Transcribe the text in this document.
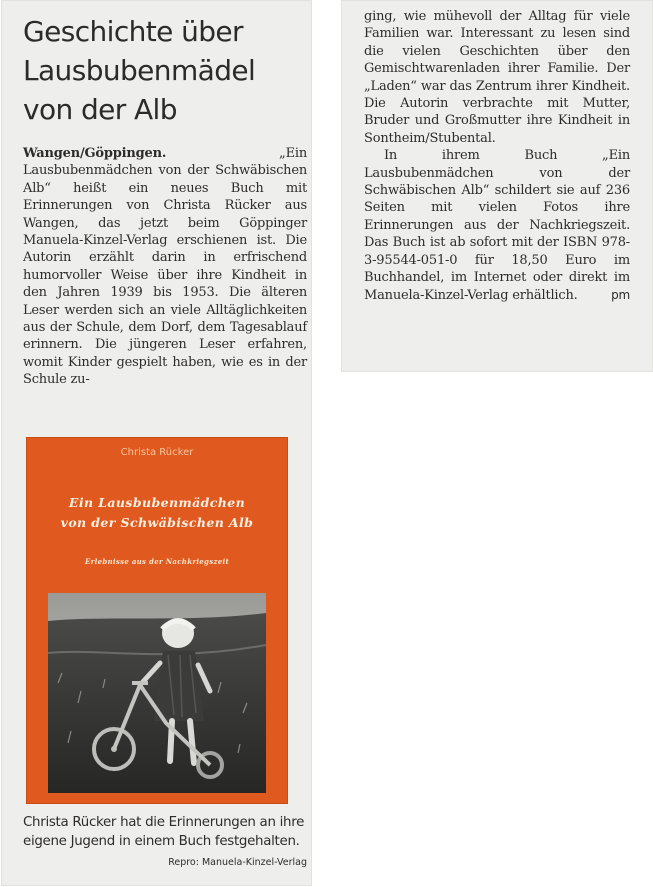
Geschichte über Lausbubenmädel von der Alb
Wangen/Göppingen.	„Ein Lausbubenmädchen von der Schwäbischen Alb“ heißt ein neues Buch mit Erinnerungen von Christa Rücker aus Wangen, das jetzt beim Göppinger Manuela-Kinzel-Verlag erschienen ist. Die Autorin erzählt darin in erfrischend humorvoller Weise über ihre Kindheit in den Jahren 1939 bis 1953. Die älteren Leser werden sich an viele Alltäglichkeiten aus der Schule, dem Dorf, dem Tagesablauf erinnern. Die jüngeren Leser erfahren, womit Kinder gespielt haben, wie es in der Schule zu-
ging, wie mühevoll der Alltag für viele Familien war. Interessant zu lesen sind die vielen Geschichten über den Gemischtwarenladen ihrer Familie. Der „Laden“ war das Zentrum ihrer Kindheit. Die Autorin verbrachte mit Mutter, Bruder und Großmutter ihre Kindheit in Sontheim/Stubental.
In ihrem Buch „Ein Lausbubenmädchen von der Schwäbischen Alb“ schildert sie auf 236 Seiten mit vielen Fotos ihre Erinnerungen aus der Nachkriegszeit. Das Buch ist ab sofort mit der ISBN 978-3-95544-051-0 für 18,50 Euro im Buchhandel, im Internet oder direkt im Manuela-Kinzel-Verlag erhältlich.	pm
Christa Rücker
Ein Lausbubenmädchen
von der Schwäbischen Alb
Erlebnisse aus der Nachkriegszeit
Christa Rücker hat die Erinnerungen an ihre eigene Jugend in einem Buch festgehalten.
Repro: Manuela-Kinzel-Verlag
